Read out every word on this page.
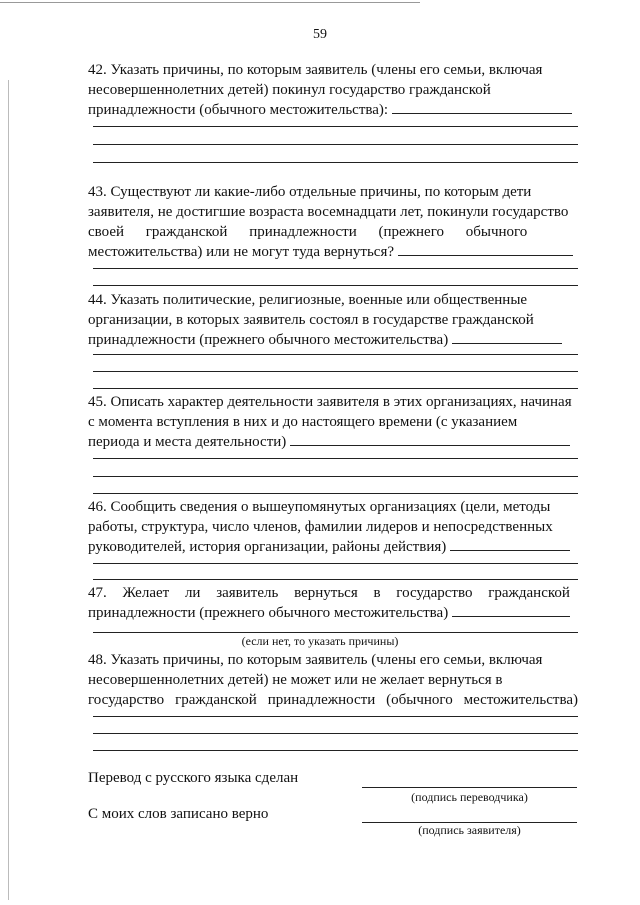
59
42. Указать причины, по которым заявитель (члены его семьи, включая
несовершеннолетних детей) покинул государство гражданской
принадлежности (обычного местожительства):
43. Существуют ли какие-либо отдельные причины, по которым дети
заявителя, не достигшие возраста восемнадцати лет, покинули государство
своей гражданской принадлежности (прежнего обычного
местожительства) или не могут туда вернуться?
44. Указать политические, религиозные, военные или общественные
организации, в которых заявитель состоял в государстве гражданской
принадлежности (прежнего обычного местожительства)
45. Описать характер деятельности заявителя в этих организациях, начиная
с момента вступления в них и до настоящего времени (с указанием
периода и места деятельности)
46. Сообщить сведения о вышеупомянутых организациях (цели, методы
работы, структура, число членов, фамилии лидеров и непосредственных
руководителей, история организации, районы действия)
47. Желает ли заявитель вернуться в государство гражданской
принадлежности (прежнего обычного местожительства)
(если нет, то указать причины)
48. Указать причины, по которым заявитель (члены его семьи, включая
несовершеннолетних детей) не может или не желает вернуться в
государство гражданской принадлежности (обычного местожительства)
Перевод с русского языка сделан
(подпись переводчика)
С моих слов записано верно
(подпись заявителя)
